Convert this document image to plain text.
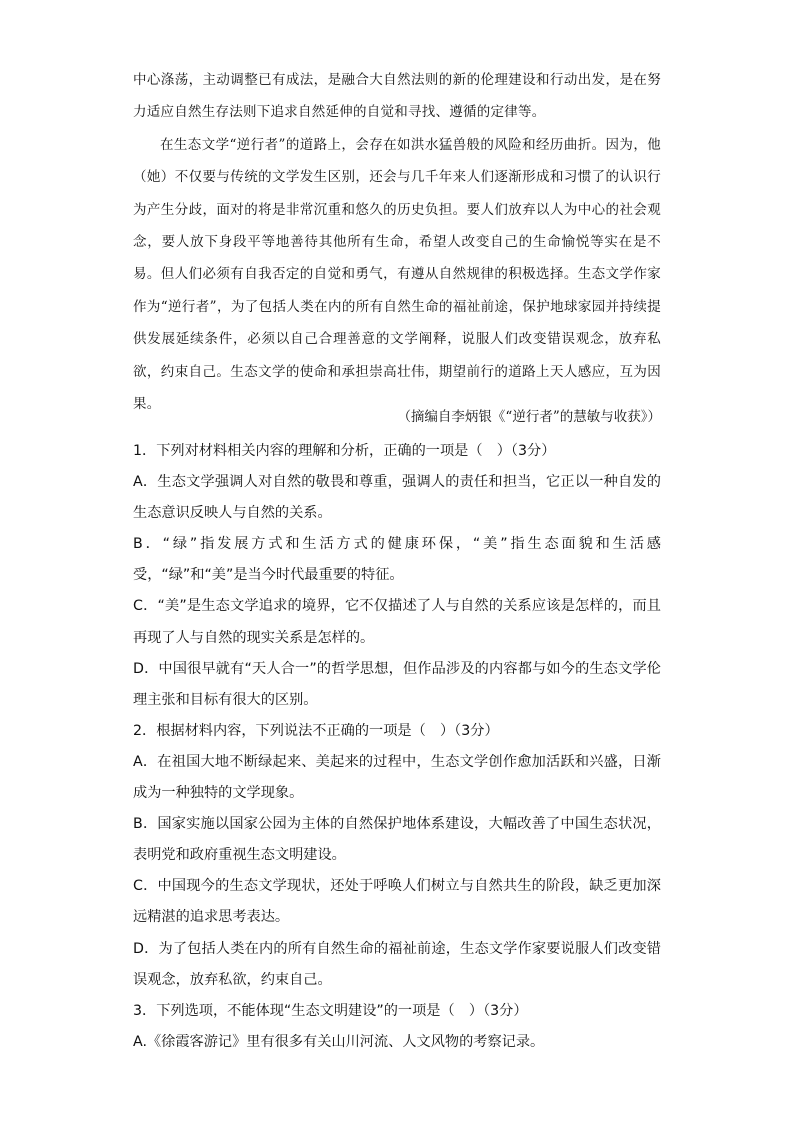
中心涤荡，主动调整已有成法，是融合大自然法则的新的伦理建设和行动出发，是在努力适应自然生存法则下追求自然延伸的自觉和寻找、遵循的定律等。

在生态文学“逆行者”的道路上，会存在如洪水猛兽般的风险和经历曲折。因为，他（她）不仅要与传统的文学发生区别，还会与几千年来人们逐渐形成和习惯了的认识行为产生分歧，面对的将是非常沉重和悠久的历史负担。要人们放弃以人为中心的社会观念，要人放下身段平等地善待其他所有生命，希望人改变自己的生命愉悦等实在是不易。但人们必须有自我否定的自觉和勇气，有遵从自然规律的积极选择。生态文学作家作为“逆行者”，为了包括人类在内的所有自然生命的福祉前途，保护地球家园并持续提供发展延续条件，必须以自己合理善意的文学阐释，说服人们改变错误观念，放弃私欲，约束自己。生态文学的使命和承担崇高壮伟，期望前行的道路上天人感应，互为因果。

（摘编自李炳银《“逆行者”的慧敏与收获》）

1．下列对材料相关内容的理解和分析，正确的一项是（　）（3分）

A．生态文学强调人对自然的敬畏和尊重，强调人的责任和担当，它正以一种自发的生态意识反映人与自然的关系。

B．“绿”指发展方式和生活方式的健康环保，“美”指生态面貌和生活感受，“绿”和“美”是当今时代最重要的特征。

C．“美”是生态文学追求的境界，它不仅描述了人与自然的关系应该是怎样的，而且再现了人与自然的现实关系是怎样的。

D．中国很早就有“天人合一”的哲学思想，但作品涉及的内容都与如今的生态文学伦理主张和目标有很大的区别。

2．根据材料内容，下列说法不正确的一项是（　）（3分）

A．在祖国大地不断绿起来、美起来的过程中，生态文学创作愈加活跃和兴盛，日渐成为一种独特的文学现象。

B．国家实施以国家公园为主体的自然保护地体系建设，大幅改善了中国生态状况，表明党和政府重视生态文明建设。

C．中国现今的生态文学现状，还处于呼唤人们树立与自然共生的阶段，缺乏更加深远精湛的追求思考表达。

D．为了包括人类在内的所有自然生命的福祉前途，生态文学作家要说服人们改变错误观念，放弃私欲，约束自己。

3．下列选项，不能体现“生态文明建设”的一项是（　）（3分）

A.《徐霞客游记》里有很多有关山川河流、人文风物的考察记录。
